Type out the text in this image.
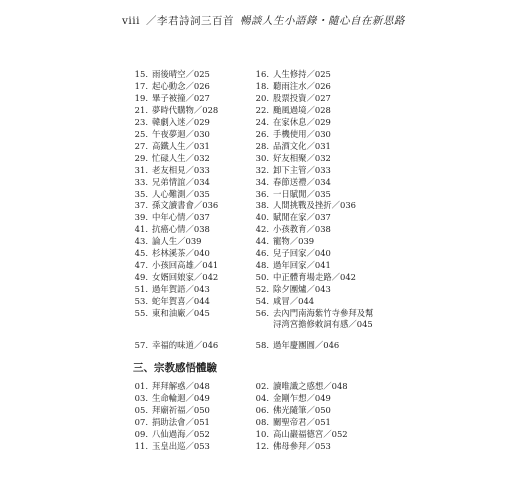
viii ／李君詩詞三百首 暢談人生小語錄・隨心自在新思路
15. 雨後晴空／025
17. 起心動念／026
19. 畢子被撞／027
21. 夢時代購物／028
23. 韓劇入迷／029
25. 午夜夢迴／030
27. 高鐵人生／031
29. 忙碌人生／032
31. 老友相見／033
33. 兄弟情誼／034
35. 人心難測／035
37. 孫文讀書會／036
39. 中年心情／037
41. 抗癌心情／038
43. 論人生／039
45. 杉林溪茶／040
47. 小孩回高雄／041
49. 女婿回娘家／042
51. 過年賀語／043
53. 蛇年賀喜／044
55. 東和油廠／045
57. 幸福的味道／046
16. 人生修持／025
18. 聽雨注水／026
20. 股票投資／027
22. 颱風過境／028
24. 在家休息／029
26. 手機使用／030
28. 品酒文化／031
30. 好友相聚／032
32. 卸下主管／033
34. 春節送禮／034
36. 一日賦閒／035
38. 人間挑戰及挫折／036
40. 賦閒在家／037
42. 小孩教育／038
44. 寵物／039
46. 兒子回家／040
48. 過年回家／041
50. 中正體育場走路／042
52. 除夕團爐／043
54. 咸冒／044
56. 去內門南海紫竹寺參拜及幫
浔湾宮擔修敕詞有感／045
58. 過年慶團圓／046
三、宗教感悟體驗
01. 拜拜解惑／048
03. 生命輪迴／049
05. 拜廟祈福／050
07. 捐助法會／051
09. 八仙過海／052
11. 玉皇出巡／053
02. 讀唯識之感想／048
04. 金剛乍想／049
06. 佛光隨筆／050
08. 關聖帝君／051
10. 高山巖福德宮／052
12. 佛母參拜／053
